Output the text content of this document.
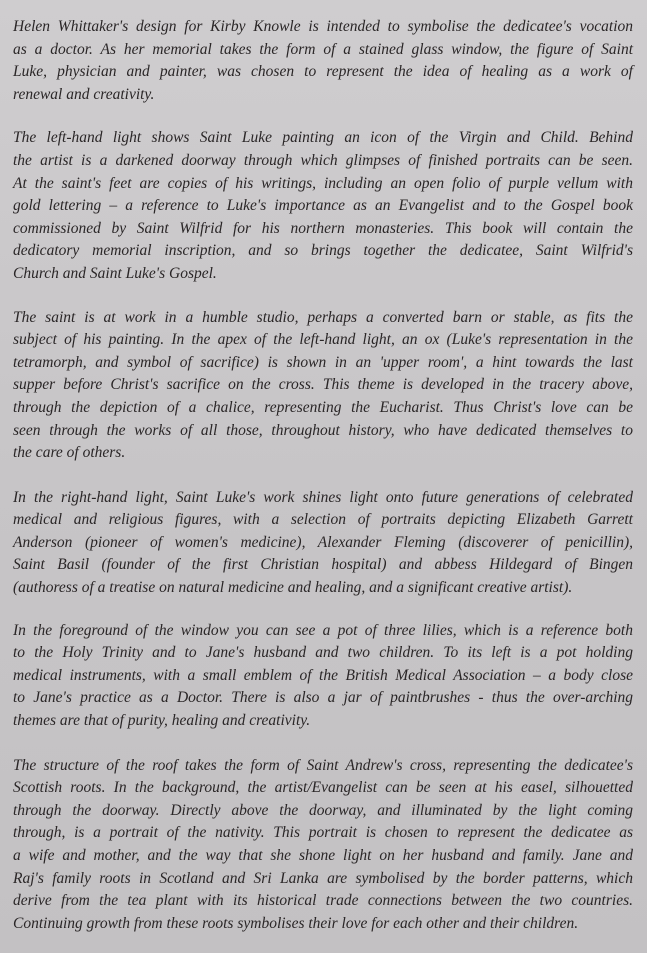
Helen Whittaker's design for Kirby Knowle is intended to symbolise the dedicatee's vocation
as a doctor. As her memorial takes the form of a stained glass window, the figure of Saint
Luke, physician and painter, was chosen to represent the idea of healing as a work of
renewal and creativity.
The left-hand light shows Saint Luke painting an icon of the Virgin and Child. Behind
the artist is a darkened doorway through which glimpses of finished portraits can be seen.
At the saint's feet are copies of his writings, including an open folio of purple vellum with
gold lettering – a reference to Luke's importance as an Evangelist and to the Gospel book
commissioned by Saint Wilfrid for his northern monasteries. This book will contain the
dedicatory memorial inscription, and so brings together the dedicatee, Saint Wilfrid's
Church and Saint Luke's Gospel.
The saint is at work in a humble studio, perhaps a converted barn or stable, as fits the
subject of his painting. In the apex of the left-hand light, an ox (Luke's representation in the
tetramorph, and symbol of sacrifice) is shown in an 'upper room', a hint towards the last
supper before Christ's sacrifice on the cross. This theme is developed in the tracery above,
through the depiction of a chalice, representing the Eucharist. Thus Christ's love can be
seen through the works of all those, throughout history, who have dedicated themselves to
the care of others.
In the right-hand light, Saint Luke's work shines light onto future generations of celebrated
medical and religious figures, with a selection of portraits depicting Elizabeth Garrett
Anderson (pioneer of women's medicine), Alexander Fleming (discoverer of penicillin),
Saint Basil (founder of the first Christian hospital) and abbess Hildegard of Bingen
(authoress of a treatise on natural medicine and healing, and a significant creative artist).
In the foreground of the window you can see a pot of three lilies, which is a reference both
to the Holy Trinity and to Jane's husband and two children. To its left is a pot holding
medical instruments, with a small emblem of the British Medical Association – a body close
to Jane's practice as a Doctor. There is also a jar of paintbrushes - thus the over-arching
themes are that of purity, healing and creativity.
The structure of the roof takes the form of Saint Andrew's cross, representing the dedicatee's
Scottish roots. In the background, the artist/Evangelist can be seen at his easel, silhouetted
through the doorway. Directly above the doorway, and illuminated by the light coming
through, is a portrait of the nativity. This portrait is chosen to represent the dedicatee as
a wife and mother, and the way that she shone light on her husband and family. Jane and
Raj's family roots in Scotland and Sri Lanka are symbolised by the border patterns, which
derive from the tea plant with its historical trade connections between the two countries.
Continuing growth from these roots symbolises their love for each other and their children.
